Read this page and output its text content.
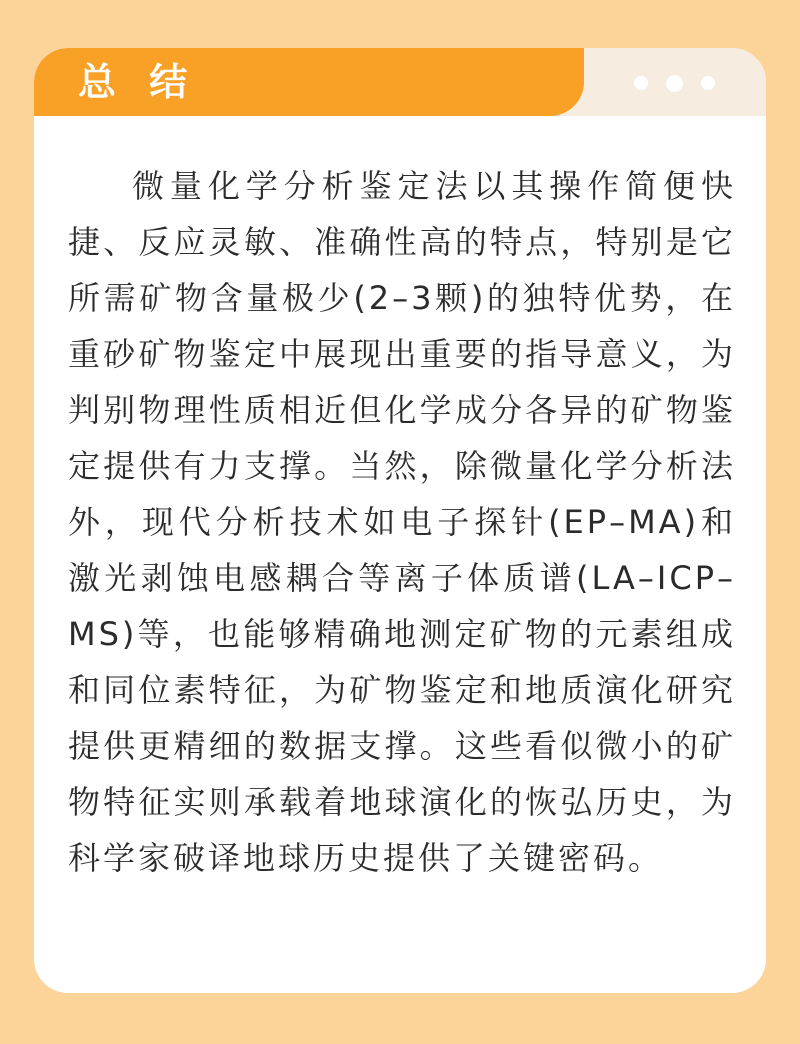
总 结

微量化学分析鉴定法以其操作简便快捷、反应灵敏、准确性高的特点，特别是它所需矿物含量极少(2–3颗)的独特优势，在重砂矿物鉴定中展现出重要的指导意义，为判别物理性质相近但化学成分各异的矿物鉴定提供有力支撑。当然，除微量化学分析法外，现代分析技术如电子探针(EP–MA)和激光剥蚀电感耦合等离子体质谱(LA–ICP–MS)等，也能够精确地测定矿物的元素组成和同位素特征，为矿物鉴定和地质演化研究提供更精细的数据支撑。这些看似微小的矿物特征实则承载着地球演化的恢弘历史，为科学家破译地球历史提供了关键密码。
